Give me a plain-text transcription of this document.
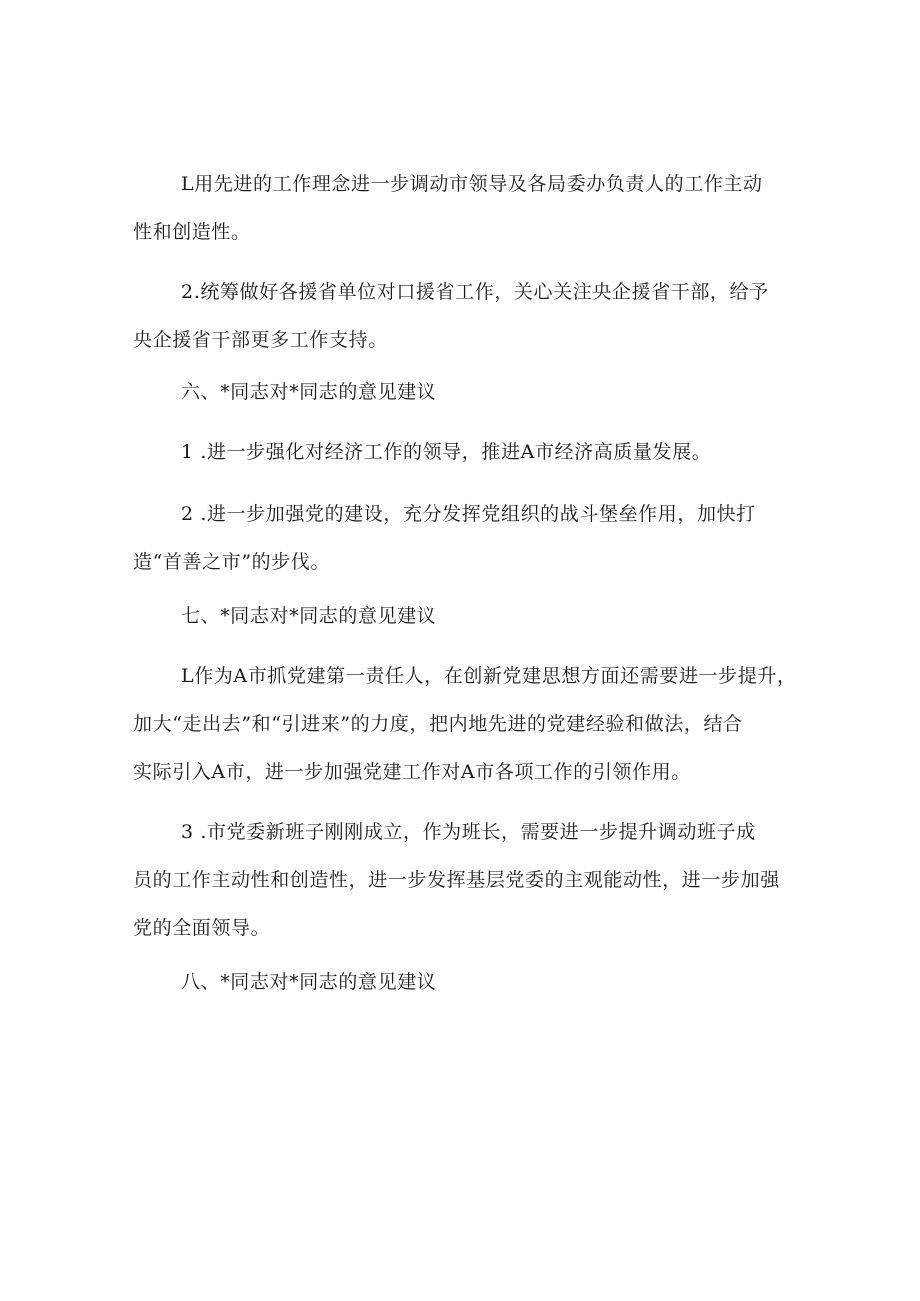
L用先进的工作理念进一步调动市领导及各局委办负责人的工作主动
性和创造性。
2.统筹做好各援省单位对口援省工作，关心关注央企援省干部，给予
央企援省干部更多工作支持。
六、*同志对*同志的意见建议
1 .进一步强化对经济工作的领导，推进A市经济高质量发展。
2 .进一步加强党的建设，充分发挥党组织的战斗堡垒作用，加快打
造“首善之市”的步伐。
七、*同志对*同志的意见建议
L作为A市抓党建第一责任人，在创新党建思想方面还需要进一步提升，
加大“走出去”和“引进来”的力度，把内地先进的党建经验和做法，结合
实际引入A市，进一步加强党建工作对A市各项工作的引领作用。
3 .市党委新班子刚刚成立，作为班长，需要进一步提升调动班子成
员的工作主动性和创造性，进一步发挥基层党委的主观能动性，进一步加强
党的全面领导。
八、*同志对*同志的意见建议
